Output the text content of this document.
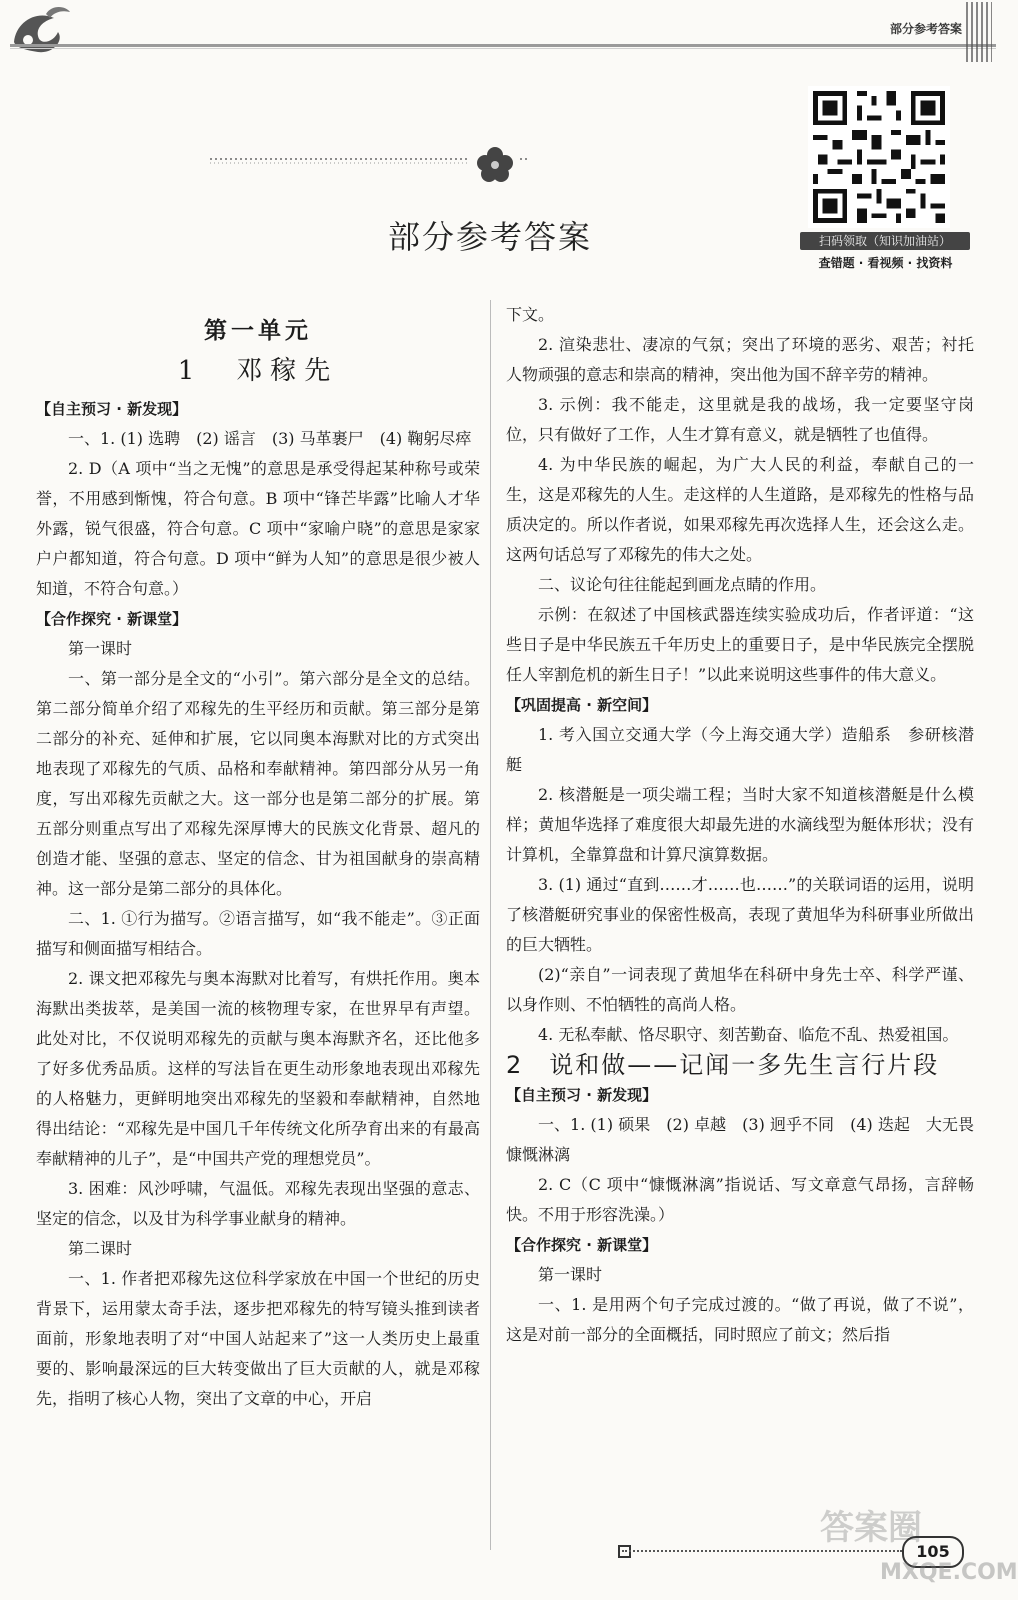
部分参考答案
部分参考答案	扫码领取（知识加油站）
查错题 · 看视频 · 找资料
第一单元
1　邓稼先

【自主预习 · 新发现】

一、1. (1) 选聘　(2) 谣言　(3) 马革裹尸　(4) 鞠躬尽瘁

2. D（A 项中“当之无愧”的意思是承受得起某种称号或荣誉，不用感到惭愧，符合句意。B 项中“锋芒毕露”比喻人才华外露，锐气很盛，符合句意。C 项中“家喻户晓”的意思是家家户户都知道，符合句意。D 项中“鲜为人知”的意思是很少被人知道，不符合句意。）

【合作探究 · 新课堂】

第一课时

一、第一部分是全文的“小引”。第六部分是全文的总结。第二部分简单介绍了邓稼先的生平经历和贡献。第三部分是第二部分的补充、延伸和扩展，它以同奥本海默对比的方式突出地表现了邓稼先的气质、品格和奉献精神。第四部分从另一角度，写出邓稼先贡献之大。这一部分也是第二部分的扩展。第五部分则重点写出了邓稼先深厚博大的民族文化背景、超凡的创造才能、坚强的意志、坚定的信念、甘为祖国献身的崇高精神。这一部分是第二部分的具体化。

二、1. ①行为描写。②语言描写，如“我不能走”。③正面描写和侧面描写相结合。

2. 课文把邓稼先与奥本海默对比着写，有烘托作用。奥本海默出类拔萃，是美国一流的核物理专家，在世界早有声望。此处对比，不仅说明邓稼先的贡献与奥本海默齐名，还比他多了好多优秀品质。这样的写法旨在更生动形象地表现出邓稼先的人格魅力，更鲜明地突出邓稼先的坚毅和奉献精神，自然地得出结论：“邓稼先是中国几千年传统文化所孕育出来的有最高奉献精神的儿子”，是“中国共产党的理想党员”。

3. 困难：风沙呼啸，气温低。邓稼先表现出坚强的意志、坚定的信念，以及甘为科学事业献身的精神。

第二课时

一、1. 作者把邓稼先这位科学家放在中国一个世纪的历史背景下，运用蒙太奇手法，逐步把邓稼先的特写镜头推到读者面前，形象地表明了对“中国人站起来了”这一人类历史上最重要的、影响最深远的巨大转变做出了巨大贡献的人，就是邓稼先，指明了核心人物，突出了文章的中心，开启

下文。

2. 渲染悲壮、凄凉的气氛；突出了环境的恶劣、艰苦；衬托人物顽强的意志和崇高的精神，突出他为国不辞辛劳的精神。

3. 示例：我不能走，这里就是我的战场，我一定要坚守岗位，只有做好了工作，人生才算有意义，就是牺牲了也值得。

4. 为中华民族的崛起，为广大人民的利益，奉献自己的一生，这是邓稼先的人生。走这样的人生道路，是邓稼先的性格与品质决定的。所以作者说，如果邓稼先再次选择人生，还会这么走。这两句话总写了邓稼先的伟大之处。

二、议论句往往能起到画龙点睛的作用。

示例：在叙述了中国核武器连续实验成功后，作者评道：“这些日子是中华民族五千年历史上的重要日子，是中华民族完全摆脱任人宰割危机的新生日子！”以此来说明这些事件的伟大意义。

【巩固提高 · 新空间】

1. 考入国立交通大学（今上海交通大学）造船系　参研核潜艇

2. 核潜艇是一项尖端工程；当时大家不知道核潜艇是什么模样；黄旭华选择了难度很大却最先进的水滴线型为艇体形状；没有计算机，全靠算盘和计算尺演算数据。

3. (1) 通过“直到……才……也……”的关联词语的运用，说明了核潜艇研究事业的保密性极高，表现了黄旭华为科研事业所做出的巨大牺牲。

(2)“亲自”一词表现了黄旭华在科研中身先士卒、科学严谨、以身作则、不怕牺牲的高尚人格。

4. 无私奉献、恪尽职守、刻苦勤奋、临危不乱、热爱祖国。

2　说和做——记闻一多先生言行片段

【自主预习 · 新发现】

一、1. (1) 硕果　(2) 卓越　(3) 迥乎不同　(4) 迭起　大无畏　慷慨淋漓

2. C（C 项中“慷慨淋漓”指说话、写文章意气昂扬，言辞畅快。不用于形容洗澡。）

【合作探究 · 新课堂】

第一课时

一、1. 是用两个句子完成过渡的。“做了再说，做了不说”，这是对前一部分的全面概括，同时照应了前文；然后指

答案圈
105
MXQE.COM
